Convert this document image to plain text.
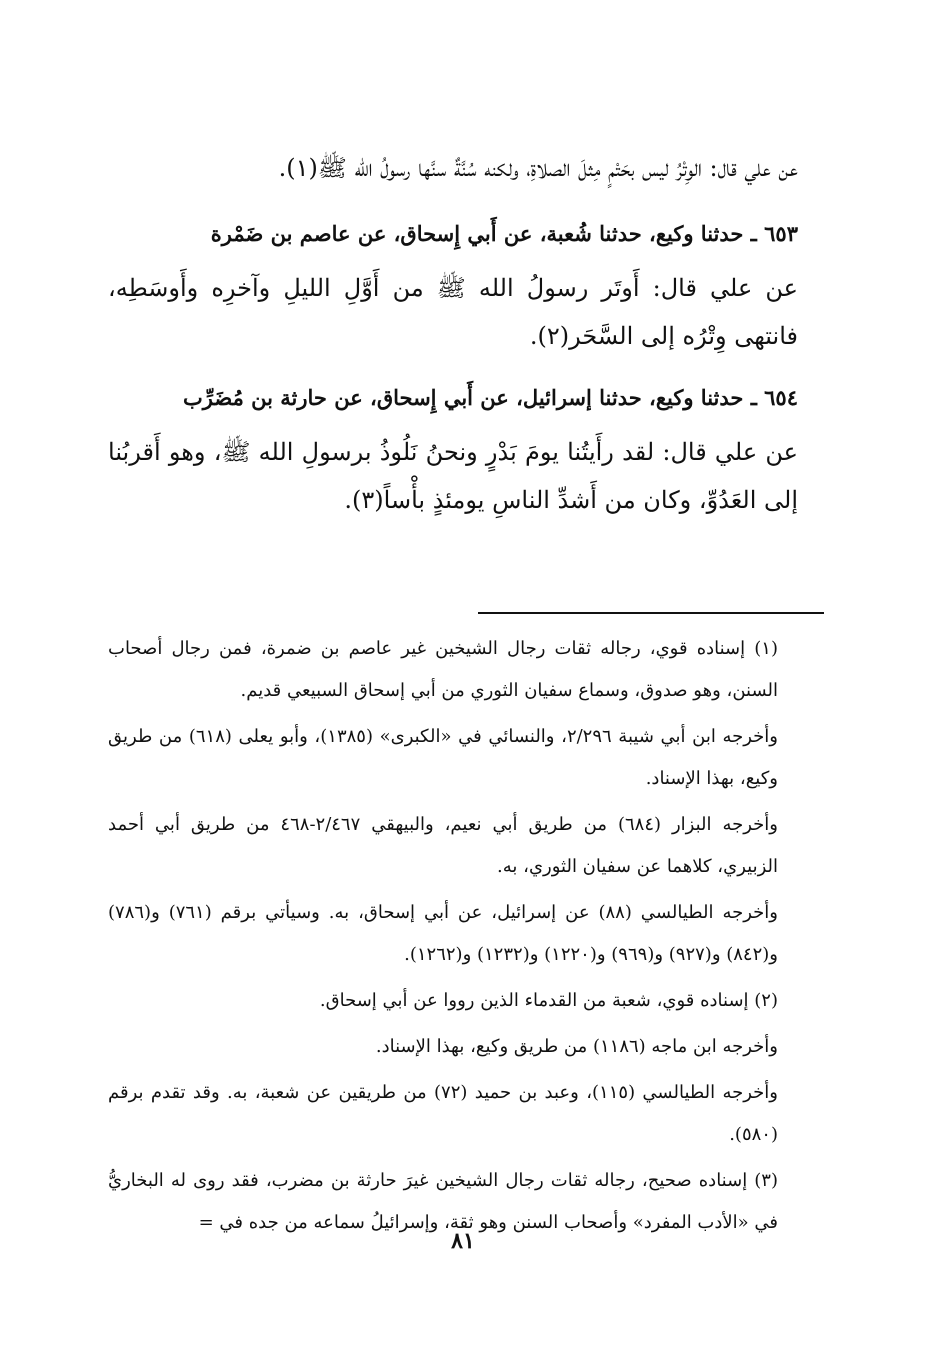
عن علي قال: الوِتْرُ ليس بحَتْمٍ مِثلَ الصلاةِ، ولكنه سُنَّةٌ سنَّها رسولُ الله ﷺ(١).

٦٥٣ ـ حدثنا وكيع، حدثنا شُعبة، عن أَبي إِسحاق، عن عاصم بن ضَمْرة

عن علي قال: أَوتَر رسولُ الله ﷺ من أَوَّلِ الليلِ وآخرِه وأَوسَطِه، فانتهى وِتْرُه إلى السَّحَر(٢).

٦٥٤ ـ حدثنا وكيع، حدثنا إسرائيل، عن أَبي إِسحاق، عن حارثة بن مُضَرِّب

عن علي قال: لقد رأَيتُنا يومَ بَدْرٍ ونحنُ نَلُوذُ برسولِ الله ﷺ، وهو أَقربُنا إلى العَدُوِّ، وكان من أَشدِّ الناسِ يومئذٍ بأْساً(٣).

(١) إسناده قوي، رجاله ثقات رجال الشيخين غير عاصم بن ضمرة، فمن رجال أصحاب السنن، وهو صدوق، وسماع سفيان الثوري من أبي إسحاق السبيعي قديم.

وأخرجه ابن أبي شيبة ٢/٢٩٦، والنسائي في «الكبرى» (١٣٨٥)، وأبو يعلى (٦١٨) من طريق وكيع، بهذا الإسناد.

وأخرجه البزار (٦٨٤) من طريق أبي نعيم، والبيهقي ٢/٤٦٧-٤٦٨ من طريق أبي أحمد الزبيري، كلاهما عن سفيان الثوري، به.

وأخرجه الطيالسي (٨٨) عن إسرائيل، عن أبي إسحاق، به. وسيأتي برقم (٧٦١) و(٧٨٦) و(٨٤٢) و(٩٢٧) و(٩٦٩) و(١٢٢٠) و(١٢٣٢) و(١٢٦٢).

(٢) إسناده قوي، شعبة من القدماء الذين رووا عن أبي إسحاق.

وأخرجه ابن ماجه (١١٨٦) من طريق وكيع، بهذا الإسناد.

وأخرجه الطيالسي (١١٥)، وعبد بن حميد (٧٢) من طريقين عن شعبة، به. وقد تقدم برقم (٥٨٠).

(٣) إسناده صحيح، رجاله ثقات رجال الشيخين غيرَ حارثة بن مضرب، فقد روى له البخاريُّ في «الأدب المفرد» وأصحاب السنن وهو ثقة، وإسرائيلُ سماعه من جده في =

٨١
